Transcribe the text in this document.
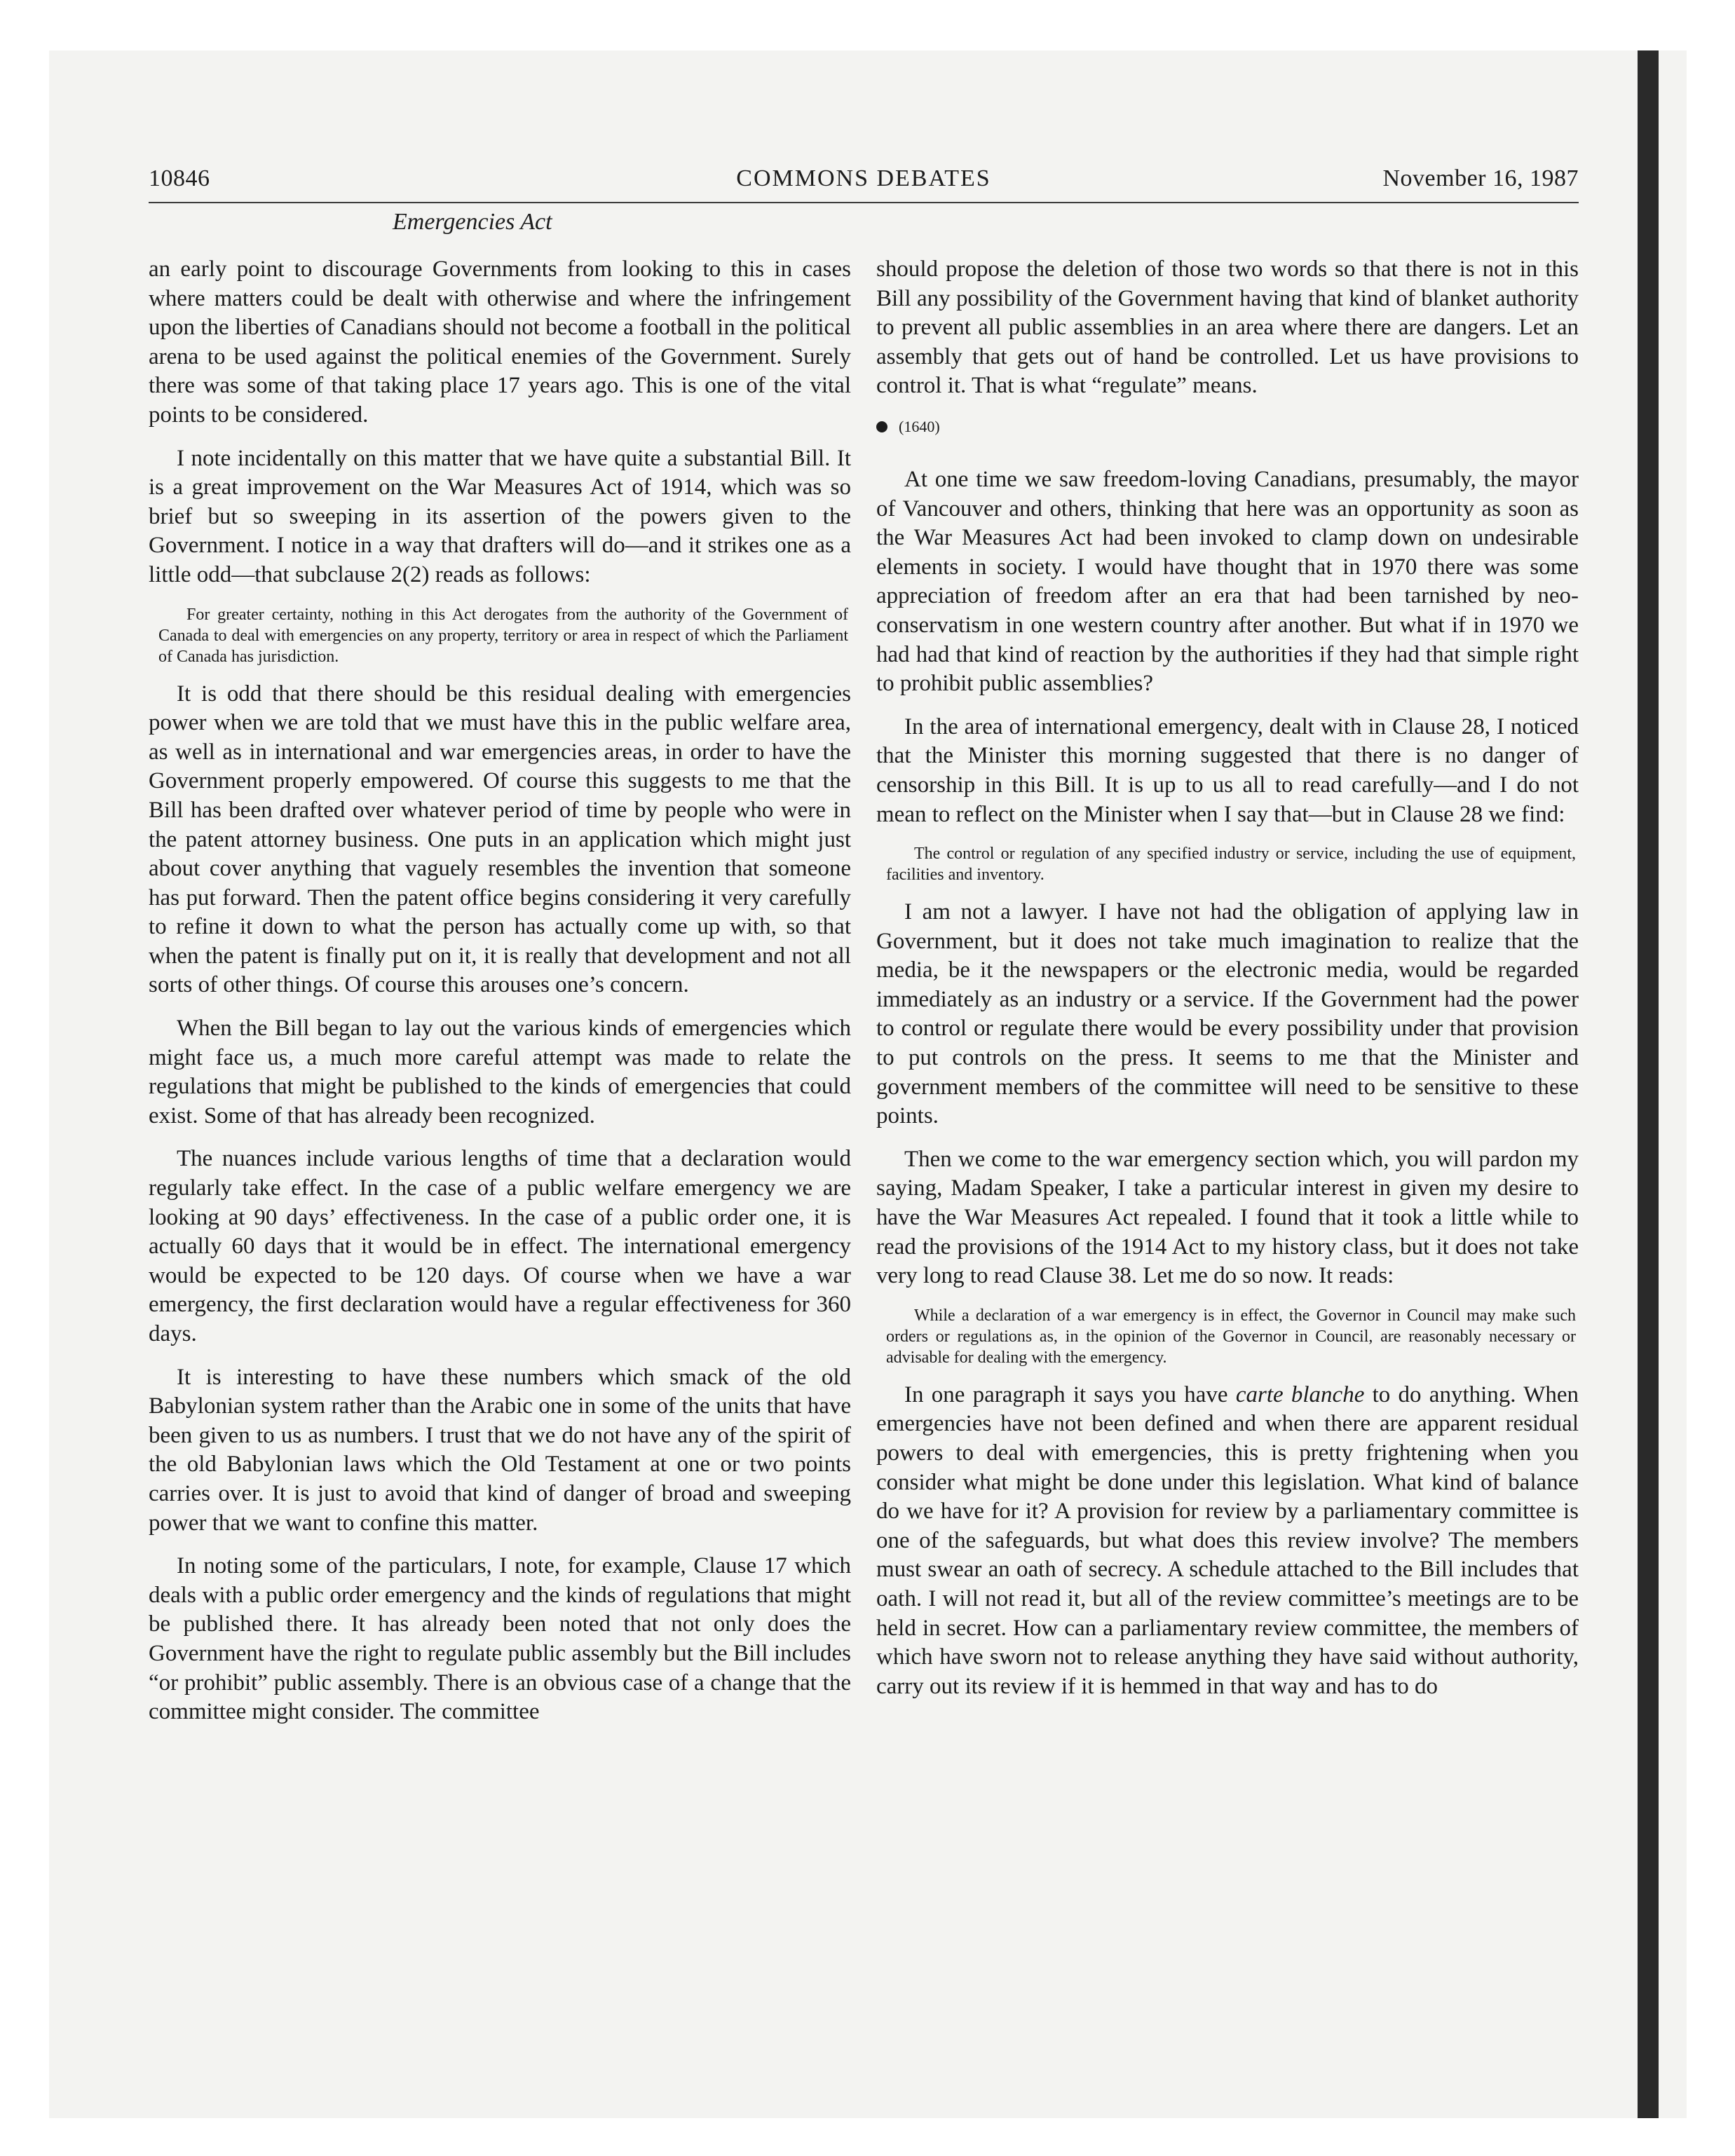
10846	COMMONS DEBATES	November 16, 1987
Emergencies Act

an early point to discourage Governments from looking to this in cases where matters could be dealt with otherwise and where the infringement upon the liberties of Canadians should not become a football in the political arena to be used against the political enemies of the Government. Surely there was some of that taking place 17 years ago. This is one of the vital points to be considered.

I note incidentally on this matter that we have quite a substantial Bill. It is a great improvement on the War Measures Act of 1914, which was so brief but so sweeping in its assertion of the powers given to the Government. I notice in a way that drafters will do—and it strikes one as a little odd—that subclause 2(2) reads as follows:

For greater certainty, nothing in this Act derogates from the authority of the Government of Canada to deal with emergencies on any property, territory or area in respect of which the Parliament of Canada has jurisdiction.

It is odd that there should be this residual dealing with emergencies power when we are told that we must have this in the public welfare area, as well as in international and war emergencies areas, in order to have the Government properly empowered. Of course this suggests to me that the Bill has been drafted over whatever period of time by people who were in the patent attorney business. One puts in an application which might just about cover anything that vaguely resembles the invention that someone has put forward. Then the patent office begins considering it very carefully to refine it down to what the person has actually come up with, so that when the patent is finally put on it, it is really that development and not all sorts of other things. Of course this arouses one’s concern.

When the Bill began to lay out the various kinds of emergencies which might face us, a much more careful attempt was made to relate the regulations that might be published to the kinds of emergencies that could exist. Some of that has already been recognized.

The nuances include various lengths of time that a declaration would regularly take effect. In the case of a public welfare emergency we are looking at 90 days’ effectiveness. In the case of a public order one, it is actually 60 days that it would be in effect. The international emergency would be expected to be 120 days. Of course when we have a war emergency, the first declaration would have a regular effectiveness for 360 days.

It is interesting to have these numbers which smack of the old Babylonian system rather than the Arabic one in some of the units that have been given to us as numbers. I trust that we do not have any of the spirit of the old Babylonian laws which the Old Testament at one or two points carries over. It is just to avoid that kind of danger of broad and sweeping power that we want to confine this matter.

In noting some of the particulars, I note, for example, Clause 17 which deals with a public order emergency and the kinds of regulations that might be published there. It has already been noted that not only does the Government have the right to regulate public assembly but the Bill includes “or prohibit” public assembly. There is an obvious case of a change that the committee might consider. The committee

should propose the deletion of those two words so that there is not in this Bill any possibility of the Government having that kind of blanket authority to prevent all public assemblies in an area where there are dangers. Let an assembly that gets out of hand be controlled. Let us have provisions to control it. That is what “regulate” means.

(1640)

At one time we saw freedom-loving Canadians, presumably, the mayor of Vancouver and others, thinking that here was an opportunity as soon as the War Measures Act had been invoked to clamp down on undesirable elements in society. I would have thought that in 1970 there was some appreciation of freedom after an era that had been tarnished by neo-conservatism in one western country after another. But what if in 1970 we had had that kind of reaction by the authorities if they had that simple right to prohibit public assemblies?

In the area of international emergency, dealt with in Clause 28, I noticed that the Minister this morning suggested that there is no danger of censorship in this Bill. It is up to us all to read carefully—and I do not mean to reflect on the Minister when I say that—but in Clause 28 we find:

The control or regulation of any specified industry or service, including the use of equipment, facilities and inventory.

I am not a lawyer. I have not had the obligation of applying law in Government, but it does not take much imagination to realize that the media, be it the newspapers or the electronic media, would be regarded immediately as an industry or a service. If the Government had the power to control or regulate there would be every possibility under that provision to put controls on the press. It seems to me that the Minister and government members of the committee will need to be sensitive to these points.

Then we come to the war emergency section which, you will pardon my saying, Madam Speaker, I take a particular interest in given my desire to have the War Measures Act repealed. I found that it took a little while to read the provisions of the 1914 Act to my history class, but it does not take very long to read Clause 38. Let me do so now. It reads:

While a declaration of a war emergency is in effect, the Governor in Council may make such orders or regulations as, in the opinion of the Governor in Council, are reasonably necessary or advisable for dealing with the emergency.

In one paragraph it says you have carte blanche to do anything. When emergencies have not been defined and when there are apparent residual powers to deal with emergencies, this is pretty frightening when you consider what might be done under this legislation. What kind of balance do we have for it? A provision for review by a parliamentary committee is one of the safeguards, but what does this review involve? The members must swear an oath of secrecy. A schedule attached to the Bill includes that oath. I will not read it, but all of the review committee’s meetings are to be held in secret. How can a parliamentary review committee, the members of which have sworn not to release anything they have said without authority, carry out its review if it is hemmed in that way and has to do
